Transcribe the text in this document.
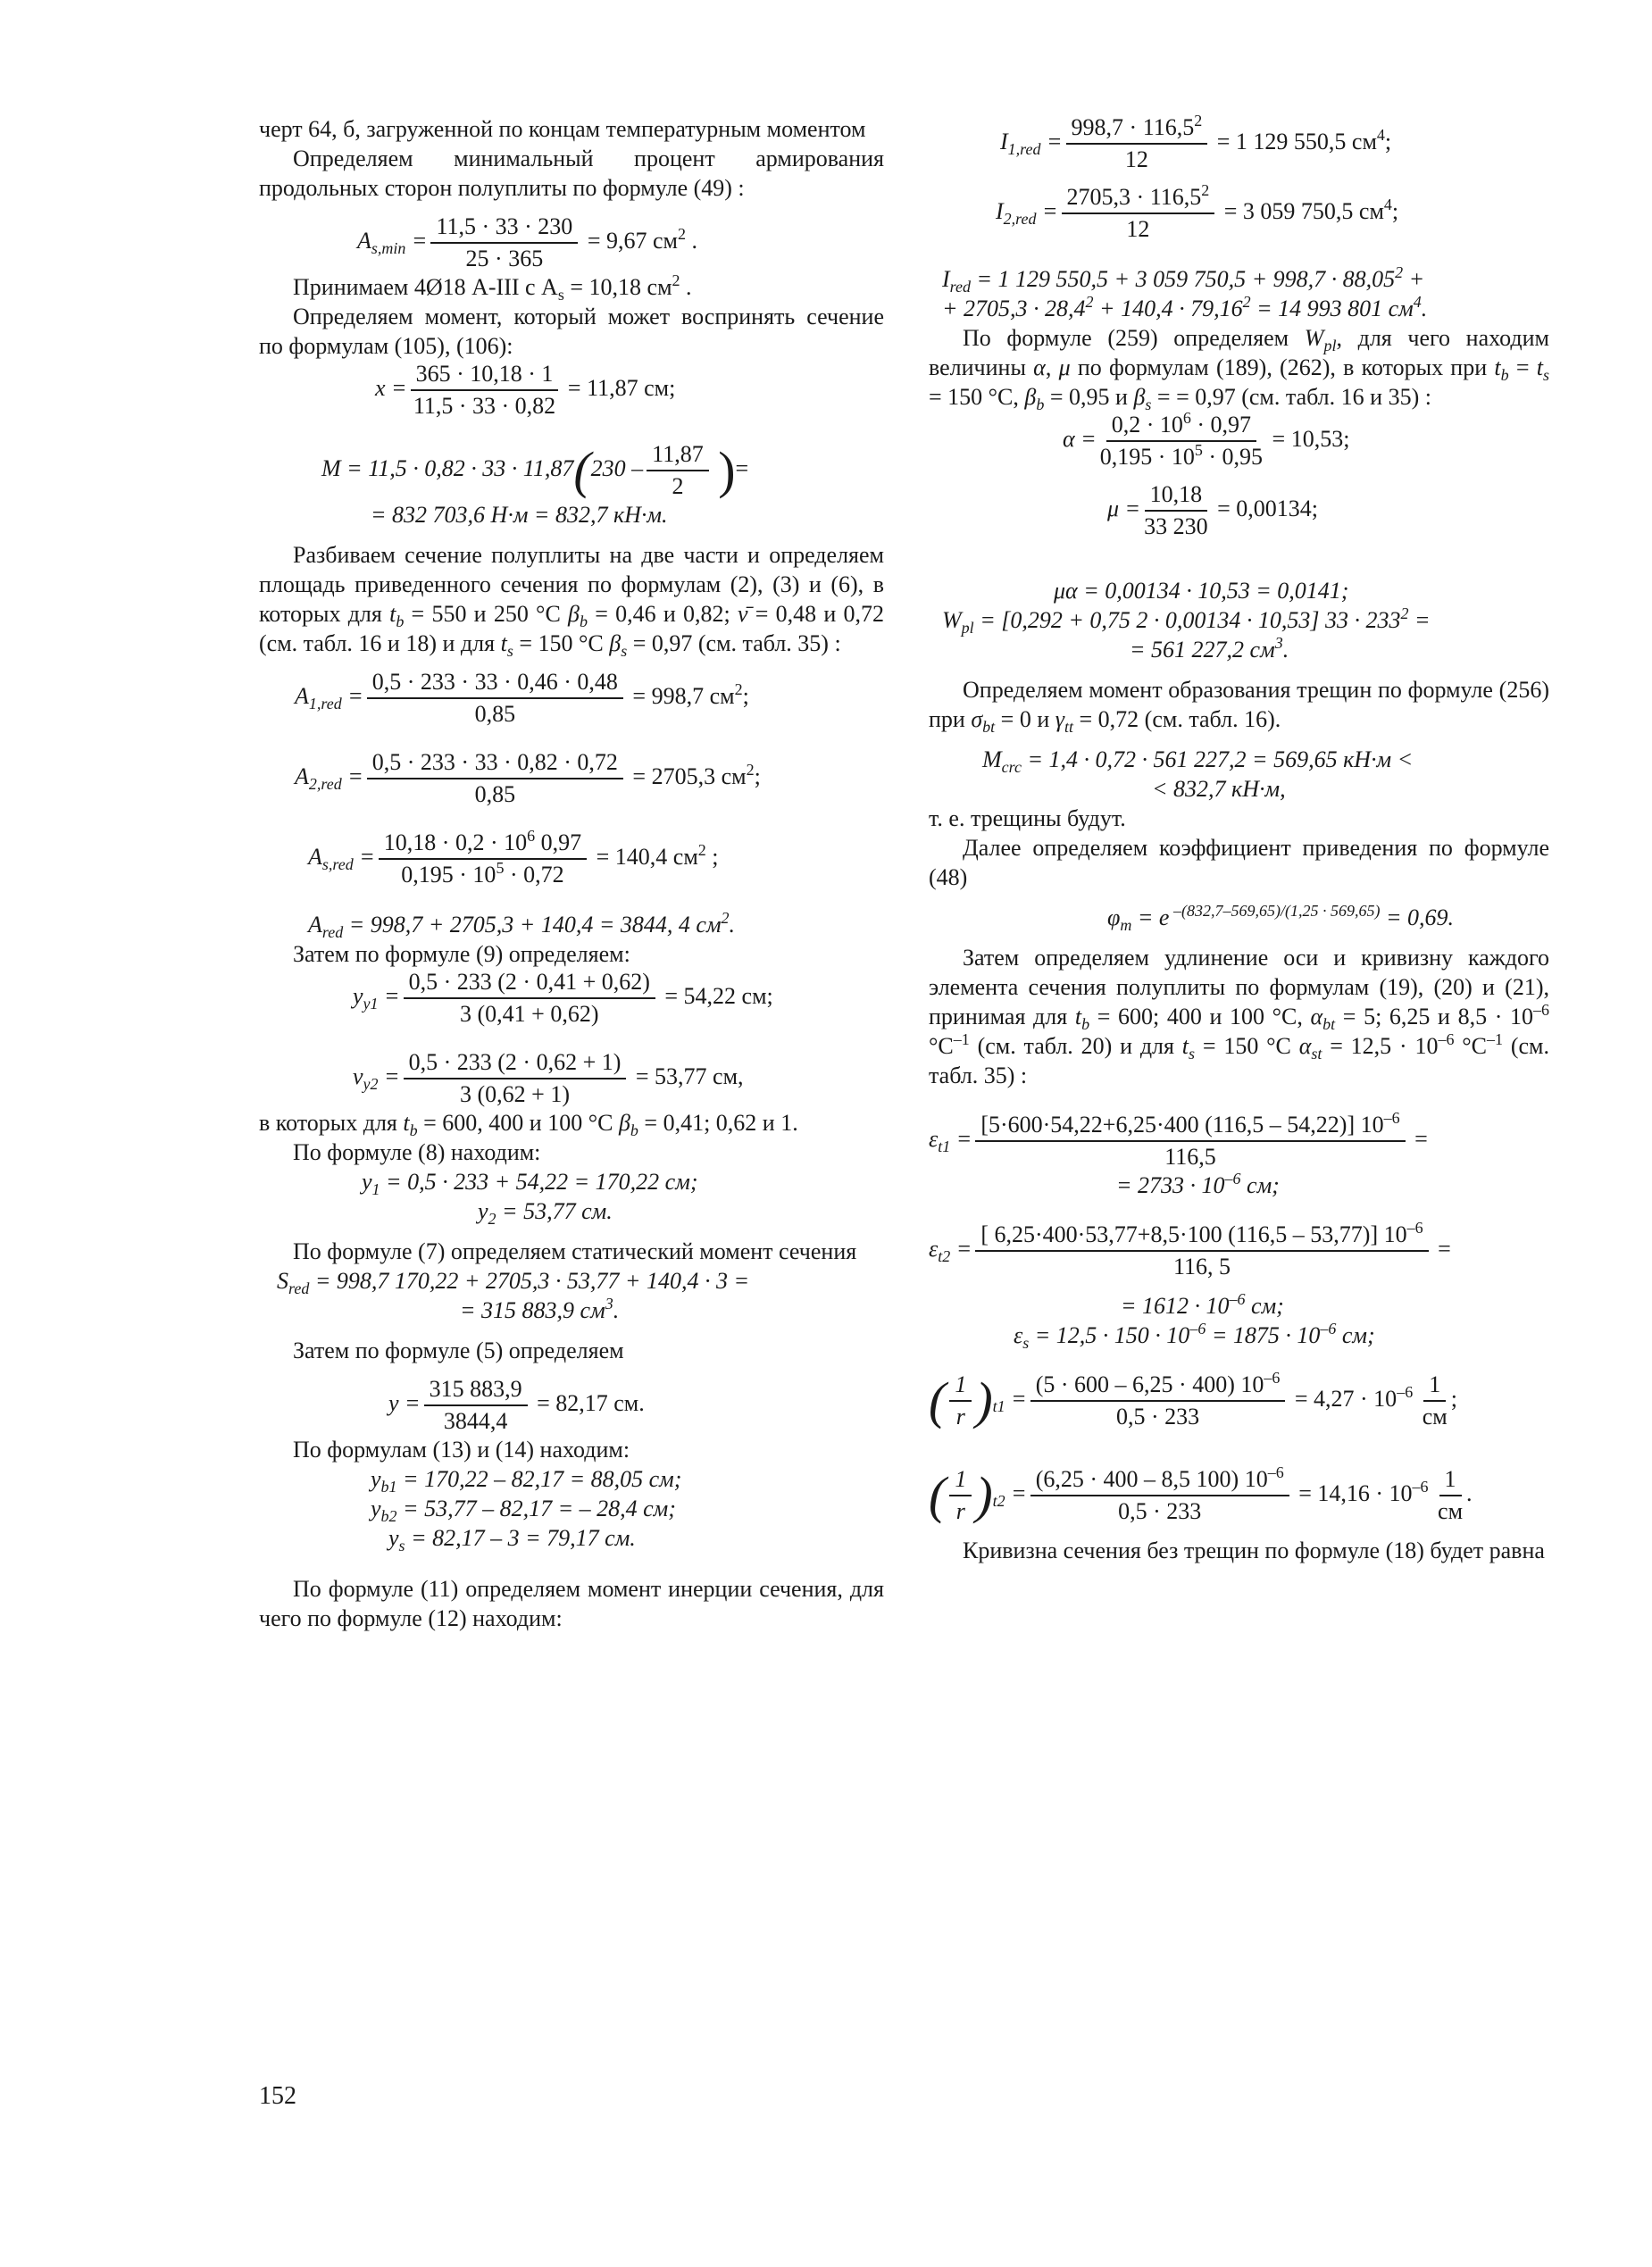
черт 64, б, загруженной по концам температурным моментом

Определяем минимальный процент армирования продольных сторон полуплиты по формуле (49) :

$A_{s,min} = \frac{11,5 \cdot 33 \cdot 230}{25 \cdot 365} = 9,67$ $см^2$ .

Принимаем 4Ø18 А-III с $A_s = 10,18$ $см^2$ .

Определяем момент, который может воспринять сечение по формулам (105), (106):

$x = \frac{365 \cdot 10,18 \cdot 1}{11,5 \cdot 33 \cdot 0,82} = 11,87$ см;
$M = 11,5 \cdot 0,82 \cdot 33 \cdot 11,87(230 - \frac{11,87}{2}$ )=
= 832 703,6 Н·м = 832,7 кН·м.

Разбиваем сечение полуплиты на две части и определяем площадь приведенного сечения по формулам (2), (3) и (6), в которых для $t_b = 550$ и 250 °С $\beta_b = 0,46$ и 0,82; ν̄ = 0,48 и 0,72 (см. табл. 16 и 18) и для $t_s = 150$ °С $\beta_s = 0,97$ (см. табл. 35) :

$A_{1,red} = \frac{0,5 \cdot 233 \cdot 33 \cdot 0,46 \cdot 0,48}{0,85} = 998,7$ $см^2$;
$A_{2,red} = \frac{0,5 \cdot 233 \cdot 33 \cdot 0,82 \cdot 0,72}{0,85} = 2705,3$ $см^2$;
$A_{s,red} = \frac{10,18 \cdot 0,2 \cdot 10^6 0,97}{0,195 \cdot 10^5 \cdot 0,72} = 140,4$ $см^2$ ;
$A_{red} = 998,7 + 2705,3 + 140,4 = 3844$, 4 $см^2$.

Затем по формуле (9) определяем:

$y_{y1} = \frac{0,5 \cdot 233 (2 \cdot 0,41 + 0,62)}{3 (0,41 + 0,62)} = 54,22$ см;
$\nu_{y2} = \frac{0,5 \cdot 233 (2 \cdot 0,62 + 1)}{3 (0,62 + 1)} = 53,77$ см,

в которых для $t_b = 600$, 400 и 100 °С $\beta_b = 0,41$; 0,62 и 1.

По формуле (8) находим:

$y_1 = 0,5 \cdot 233 + 54,22 = 170,22$ см;
$y_2 = 53,77$ см.

По формуле (7) определяем статический момент сечения

$S_{red} = 998,7$ 170,22 + 2705,3 · 53,77 + 140,4 · 3 =
= 315 883,9 $см^3$.

Затем по формуле (5) определяем

$y = \frac{315 883,9}{3844,4} = 82,17$ см.

По формулам (13) и (14) находим:

$y_{b1} = 170,22 - 82,17 = 88,05$ см;
$y_{b2} = 53,77 - 82,17$ = – 28,4 см;
$y_s = 82,17 - 3 = 79,17$ см.

По формуле (11) определяем момент инерции сечения, для чего по формуле (12) находим:

$I_{1,red} = \frac{998,7 \cdot 116,5^2}{12} = 1$ 129 550,5 $см^4$;
$I_{2,red} = \frac{2705,3 \cdot 116,5^2}{12} = 3$ 059 750,5 $см^4$;
$I_{red} = 1$ 129 550,5 + 3 059 $750,5 + 998,7 \cdot 88,05^2$ +
+ $2705,3 \cdot 28,4^2 + 140,4 \cdot 79,16^2 = 14$ 993 801 $см^4$.

По формуле (259) определяем $W_{pl}$, для чего находим величины α, μ по формулам (189), (262), в которых при $t_b = t_s = 150$ °С, $\beta_b = 0,95$ и $\beta_s$ = = 0,97 (см. табл. 16 и 35) :

$\alpha = \frac{0,2 \cdot 10^6 \cdot 0,97}{0,195 \cdot 10^5 \cdot 0,95} = 10,53$;
$\mu = \frac{10,18}{33 230} = 0,00134$;
μα = 0,00134 · 10,53 = 0,0141;
$W_{pl} = [0,292 + 0,75$ 2 · 0,00134 · 10,53] $33 \cdot 233^2$ =
= 561 227,2 $см^3$.

Определяем момент образования трещин по формуле (256) при $\sigma_{bt} = 0$ и $\gamma_{tt} = 0,72$ (см. табл. 16).

$M_{crc} = 1,4 \cdot 0,72 \cdot 561$ 227,2 = 569,65 кН·м <
< 832,7 кН·м,

т. е. трещины будут.

Далее определяем коэффициент приведения по формуле (48)

$\varphi_m = e$ $^{-(832,7-569,65)/(1,25 \cdot 569,65)}$ = 0,69.

Затем определяем удлинение оси и кривизну каждого элемента сечения полуплиты по формулам (19), (20) и (21), принимая для $t_b = 600$; 400 и 100 °С, $\alpha_{bt} = 5$; 6,25 и $8,5 \cdot 10^{-6}$ $^\circ С^{-1}$ (см. табл. 20) и для $t_s = 150$ °С $\alpha_{st} = 12,5 \cdot 10^{-6}$ $^\circ С^{-1}$ (см. табл. 35) :

$\varepsilon_{t1} = \frac{[5\cdot 600\cdot 54,22+6,25\cdot 400 (116,5 - 54,22)] 10^{-6}}{116,5}$ =
= $2733 \cdot 10^{-6}$ см;
$\varepsilon_{t2} = \frac{[ 6,25\cdot 400\cdot 53,77+8,5\cdot 100 (116,5 - 53,77)] 10^{-6}}{116, 5}$ =
= $1612 \cdot 10^{-6}$ см;
$\varepsilon_s = 12,5 \cdot 150 \cdot 10^{-6} = 1875 \cdot 10^{-6}$ см;
( $\frac{1}{r} )_{t1} = \frac{(5 \cdot 600 - 6,25 \cdot 400) 10^{-6}}{0,5 \cdot 233} = 4,27 \cdot 10^{-6} \frac{1}{см}$ ;
( $\frac{1}{r} )_{t2} = \frac{(6,25 \cdot 400 - 8,5 100) 10^{-6}}{0,5 \cdot 233} = 14,16 \cdot 10^{-6} \frac{1}{см}$ .

Кривизна сечения без трещин по формуле (18) будет равна

152
